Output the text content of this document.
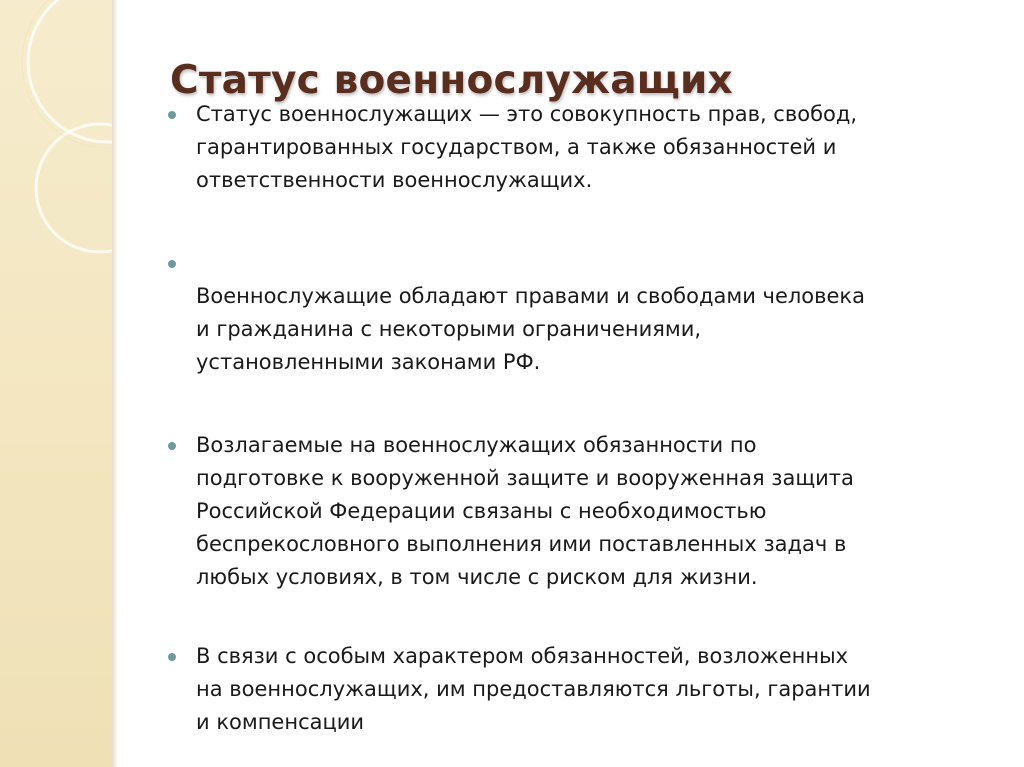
Статус военнослужащих
Статус военнослужащих — это совокупность прав, свобод,
гарантированных государством, а также обязанностей и
ответственности военнослужащих.
Военнослужащие обладают правами и свободами человека
и гражданина с некоторыми ограничениями,
установленными законами РФ.
Возлагаемые на военнослужащих обязанности по
подготовке к вооруженной защите и вооруженная защита
Российской Федерации связаны с необходимостью
беспрекословного выполнения ими поставленных задач в
любых условиях, в том числе с риском для жизни.
В связи с особым характером обязанностей, возложенных
на военнослужащих, им предоставляются льготы, гарантии
и компенсации
